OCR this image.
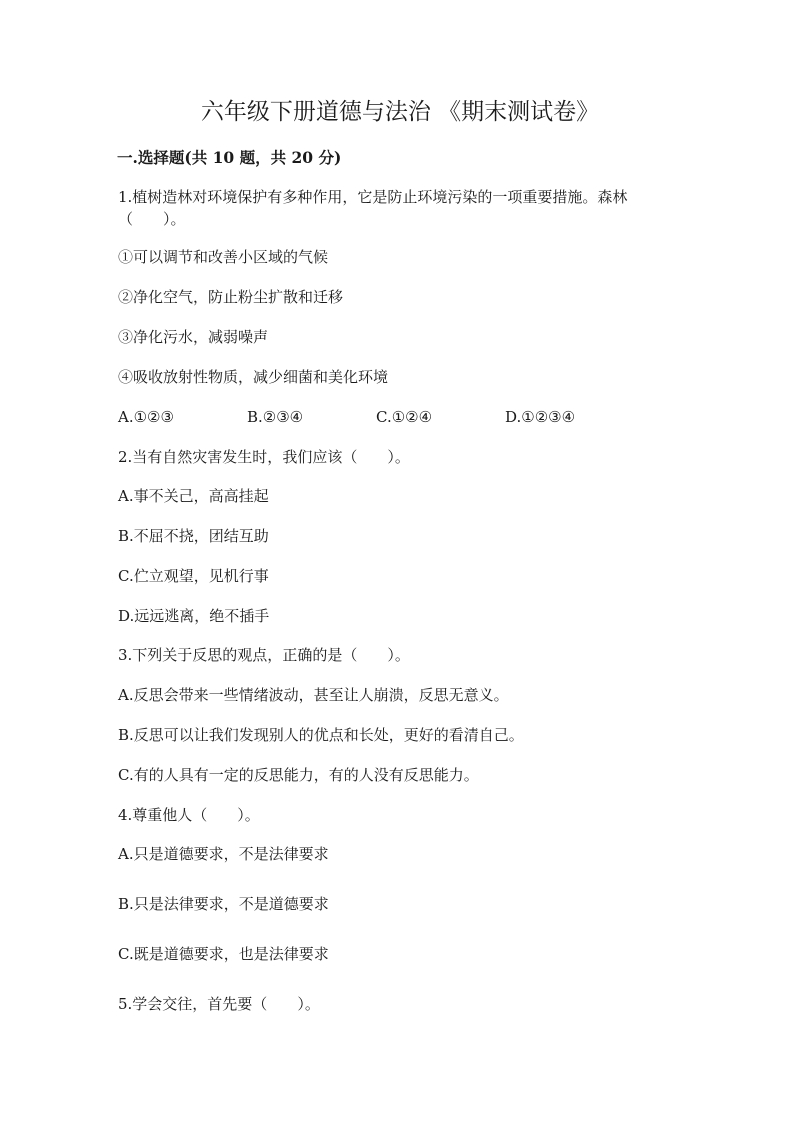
六年级下册道德与法治 《期末测试卷》
一.选择题(共 10 题，共 20 分)
1.植树造林对环境保护有多种作用，它是防止环境污染的一项重要措施。森林（　　）。
①可以调节和改善小区域的气候
②净化空气，防止粉尘扩散和迁移
③净化污水，减弱噪声
④吸收放射性物质，减少细菌和美化环境
A.①②③	B.②③④	C.①②④	D.①②③④
2.当有自然灾害发生时，我们应该（　　）。
A.事不关己，高高挂起
B.不屈不挠，团结互助
C.伫立观望，见机行事
D.远远逃离，绝不插手
3.下列关于反思的观点，正确的是（　　）。
A.反思会带来一些情绪波动，甚至让人崩溃，反思无意义。
B.反思可以让我们发现别人的优点和长处，更好的看清自己。
C.有的人具有一定的反思能力，有的人没有反思能力。
4.尊重他人（　　）。
A.只是道德要求，不是法律要求
B.只是法律要求，不是道德要求
C.既是道德要求，也是法律要求
5.学会交往，首先要（　　）。
